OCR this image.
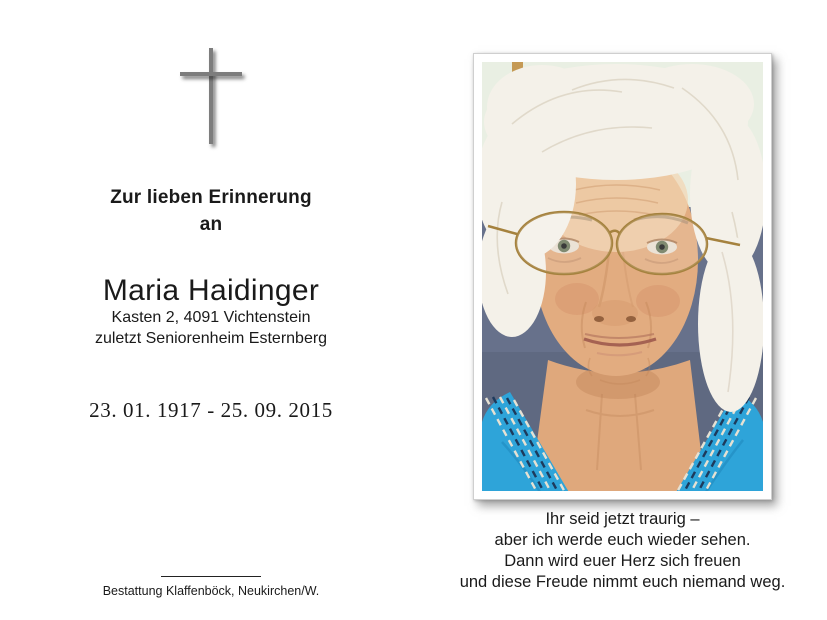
Zur lieben Erinnerung
an
Maria Haidinger
Kasten 2, 4091 Vichtenstein
zuletzt Seniorenheim Esternberg
23. 01. 1917 - 25. 09. 2015
Bestattung Klaffenböck, Neukirchen/W.
Ihr seid jetzt traurig –
aber ich werde euch wieder sehen.
Dann wird euer Herz sich freuen
und diese Freude nimmt euch niemand weg.
